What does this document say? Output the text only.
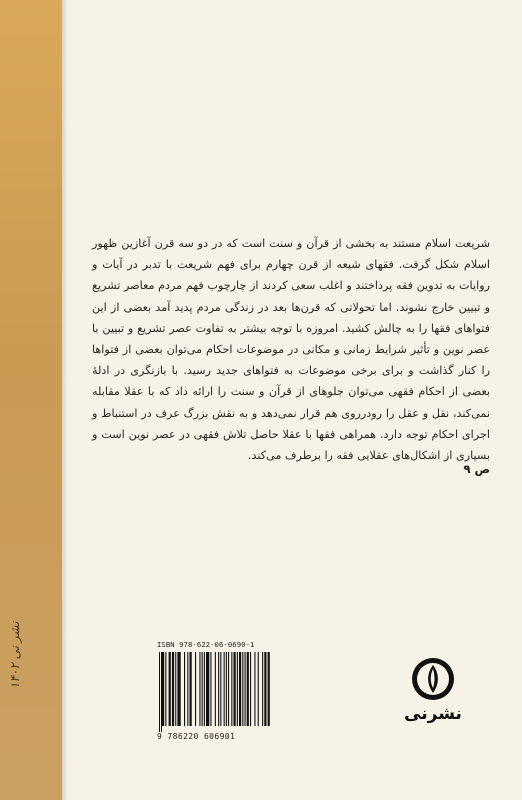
نشر نی ۱۴۰۲

شریعت اسلام مستند به بخشی از قرآن و سنت است که در دو سه قرن آغازین ظهور اسلام شکل گرفت. فقهای شیعه از قرن چهارم برای فهم شریعت با تدبر در آیات و روایات به تدوین فقه پرداختند و اغلب سعی کردند از چارچوب فهم مردم معاصر تشریع و تبیین خارج نشوند. اما تحولاتی که قرن‌ها بعد در زندگی مردم پدید آمد بعضی از این فتواهای فقها را به چالش کشید. امروزه با توجه بیشتر به تفاوت عصر تشریع و تبیین با عصر نوین و تأثیر شرایط زمانی و مکانی در موضوعات احکام می‌توان بعضی از فتواها را کنار گذاشت و برای برخی موضوعات به فتواهای جدید رسید. با بازنگری در ادلهٔ بعضی از احکام فقهی می‌توان جلوهای از قرآن و سنت را ارائه داد که با عقلا مقابله نمی‌کند، نقل و عقل را رودرروی هم قرار نمی‌دهد و به نقش بزرگ عرف در استنباط و اجرای احکام توجه دارد. همراهی فقها با عقلا حاصل تلاش فقهی در عصر نوین است و بسیاری از اشکال‌های عقلایی فقه را برطرف می‌کند.

ص ۹
ISBN 978-622-06-0690-1
9 786220 606901
نشرنی
